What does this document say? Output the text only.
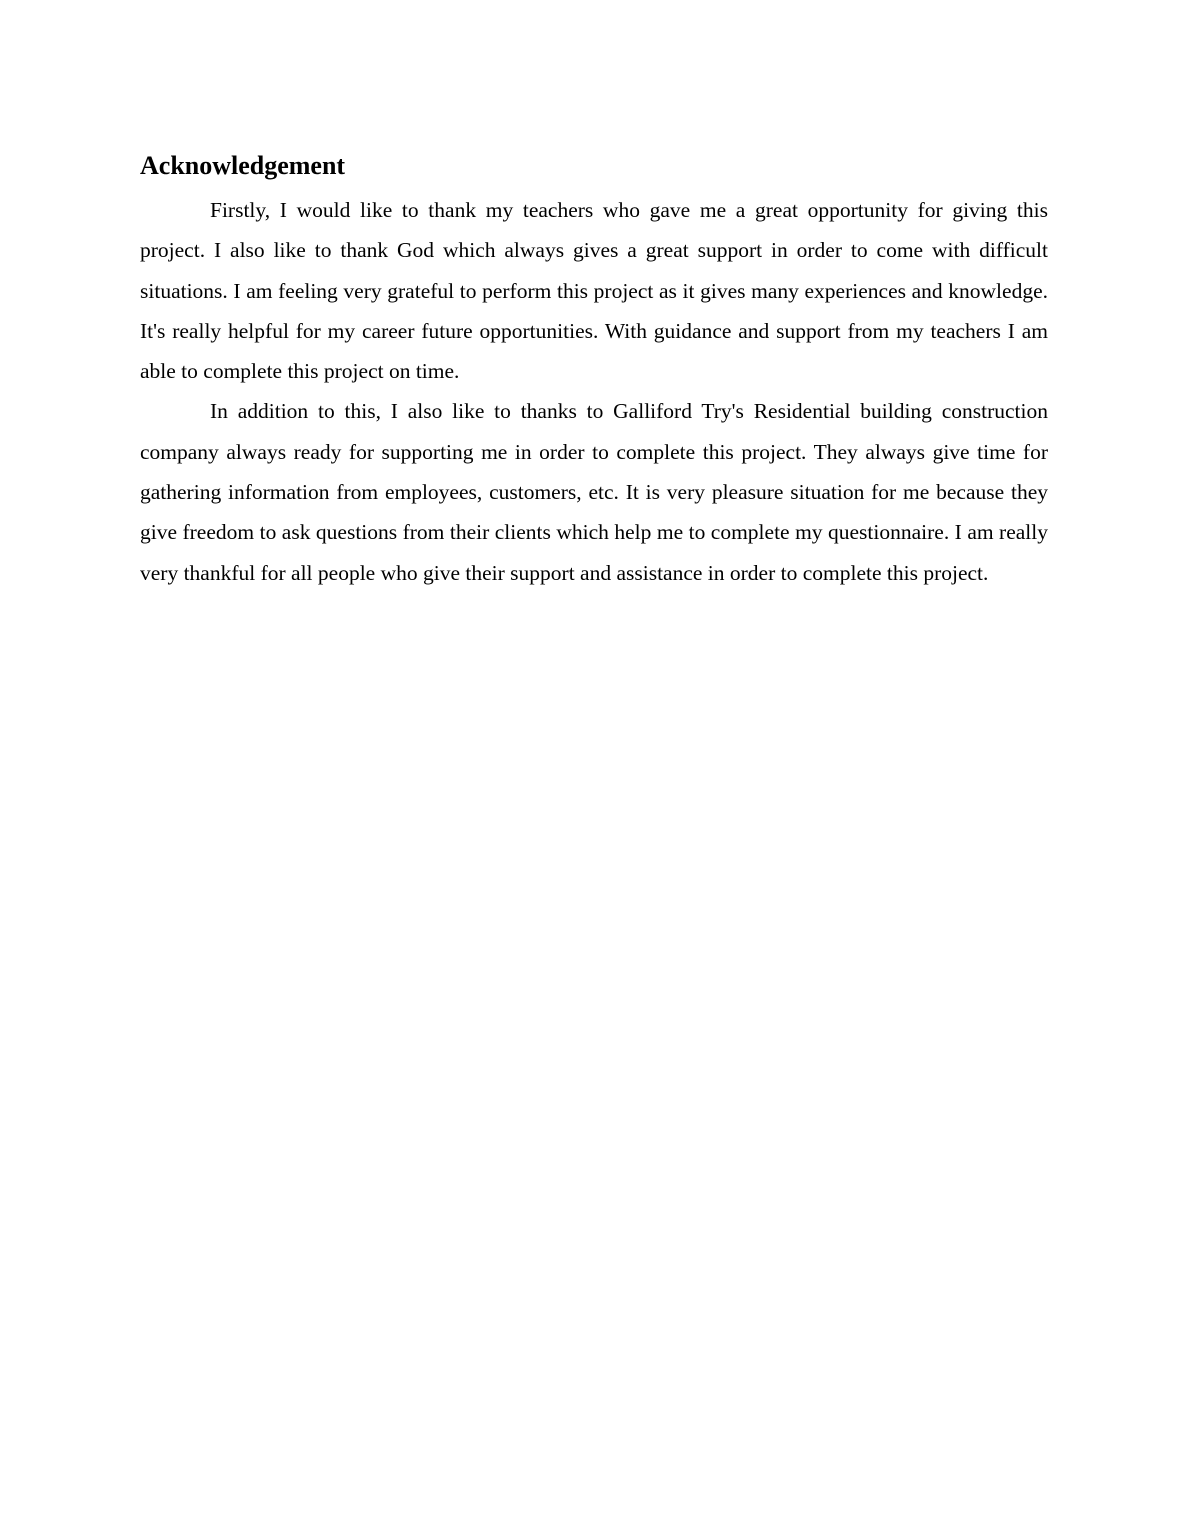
Acknowledgement

Firstly, I would like to thank my teachers who gave me a great opportunity for giving this project. I also like to thank God which always gives a great support in order to come with difficult situations. I am feeling very grateful to perform this project as it gives many experiences and knowledge. It's really helpful for my career future opportunities. With guidance and support from my teachers I am able to complete this project on time.

In addition to this, I also like to thanks to Galliford Try's Residential building construction company always ready for supporting me in order to complete this project. They always give time for gathering information from employees, customers, etc. It is very pleasure situation for me because they give freedom to ask questions from their clients which help me to complete my questionnaire. I am really very thankful for all people who give their support and assistance in order to complete this project.
